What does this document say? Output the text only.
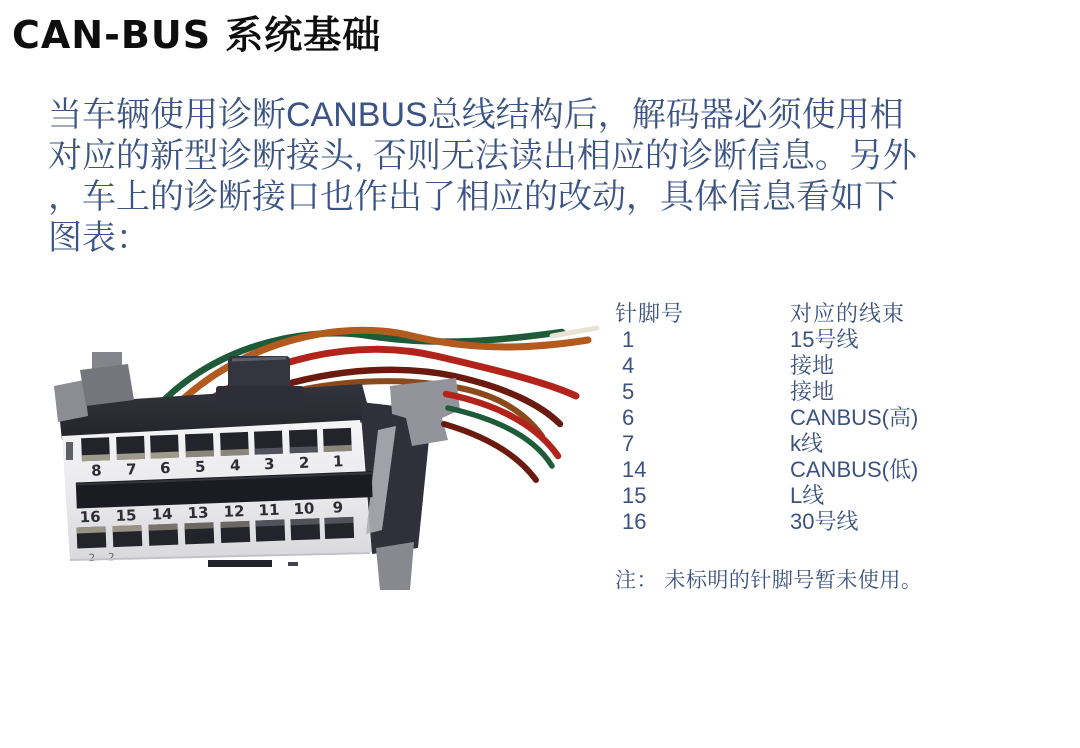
CAN-BUS 系统基础
当车辆使用诊断CANBUS总线结构后，解码器必须使用相
对应的新型诊断接头, 否则无法读出相应的诊断信息。另外
，车上的诊断接口也作出了相应的改动，具体信息看如下
图表：
8 7 6 5 4 3 2 1
16 15 14 13 12 11 10 9
2 2
针脚号	对应的线束
1	15号线
4	接地
5	接地
6	CANBUS(高)
7	k线
14	CANBUS(低)
15	L线
16	30号线
注： 未标明的针脚号暂未使用。
